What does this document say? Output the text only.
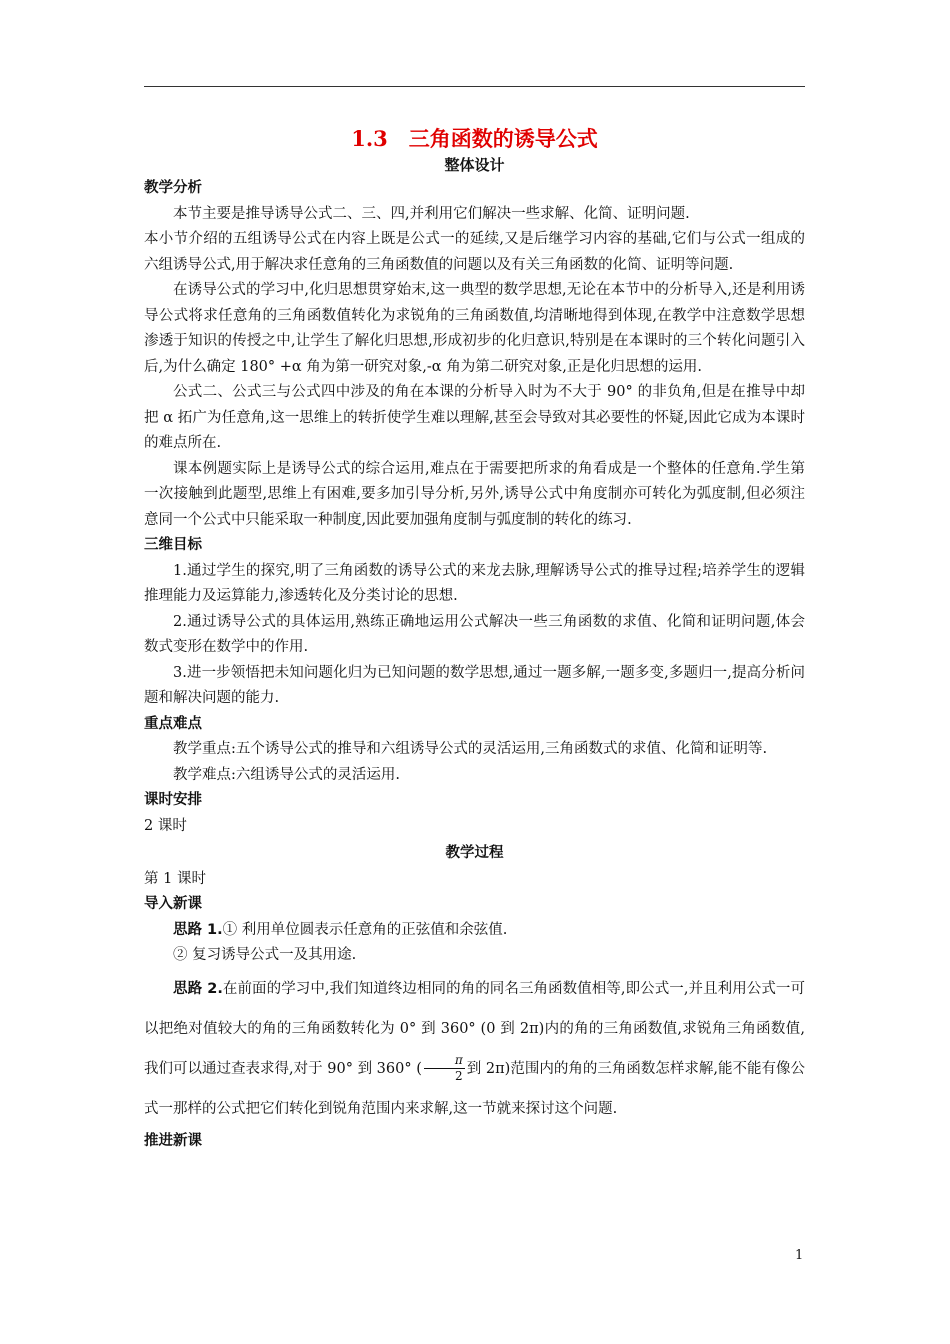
1.3　三角函数的诱导公式
整体设计
教学分析

本节主要是推导诱导公式二、三、四,并利用它们解决一些求解、化简、证明问题.

本小节介绍的五组诱导公式在内容上既是公式一的延续,又是后继学习内容的基础,它们与公式一组成的六组诱导公式,用于解决求任意角的三角函数值的问题以及有关三角函数的化简、证明等问题.

在诱导公式的学习中,化归思想贯穿始末,这一典型的数学思想,无论在本节中的分析导入,还是利用诱导公式将求任意角的三角函数值转化为求锐角的三角函数值,均清晰地得到体现,在教学中注意数学思想渗透于知识的传授之中,让学生了解化归思想,形成初步的化归意识,特别是在本课时的三个转化问题引入后,为什么确定 180° +α 角为第一研究对象,-α 角为第二研究对象,正是化归思想的运用.

公式二、公式三与公式四中涉及的角在本课的分析导入时为不大于 90° 的非负角,但是在推导中却把 α 拓广为任意角,这一思维上的转折使学生难以理解,甚至会导致对其必要性的怀疑,因此它成为本课时的难点所在.

课本例题实际上是诱导公式的综合运用,难点在于需要把所求的角看成是一个整体的任意角.学生第一次接触到此题型,思维上有困难,要多加引导分析,另外,诱导公式中角度制亦可转化为弧度制,但必须注意同一个公式中只能采取一种制度,因此要加强角度制与弧度制的转化的练习.

三维目标

1.通过学生的探究,明了三角函数的诱导公式的来龙去脉,理解诱导公式的推导过程;培养学生的逻辑推理能力及运算能力,渗透转化及分类讨论的思想.

2.通过诱导公式的具体运用,熟练正确地运用公式解决一些三角函数的求值、化简和证明问题,体会数式变形在数学中的作用.

3.进一步领悟把未知问题化归为已知问题的数学思想,通过一题多解,一题多变,多题归一,提高分析问题和解决问题的能力.

重点难点

教学重点:五个诱导公式的推导和六组诱导公式的灵活运用,三角函数式的求值、化简和证明等.

教学难点:六组诱导公式的灵活运用.

课时安排

2 课时

教学过程

第 1 课时

导入新课

思路 1.① 利用单位圆表示任意角的正弦值和余弦值.

② 复习诱导公式一及其用途.

思路 2.在前面的学习中,我们知道终边相同的角的同名三角函数值相等,即公式一,并且利用公式一可以把绝对值较大的角的三角函数转化为 0° 到 360° (0 到 2π)内的角的三角函数值,求锐角三角函数值,我们可以通过查表求得,对于 90° 到 360° ( $\frac{\pi}{2}$ 到 2π)范围内的角的三角函数怎样求解,能不能有像公式一那样的公式把它们转化到锐角范围内来求解,这一节就来探讨这个问题.

推进新课
1
